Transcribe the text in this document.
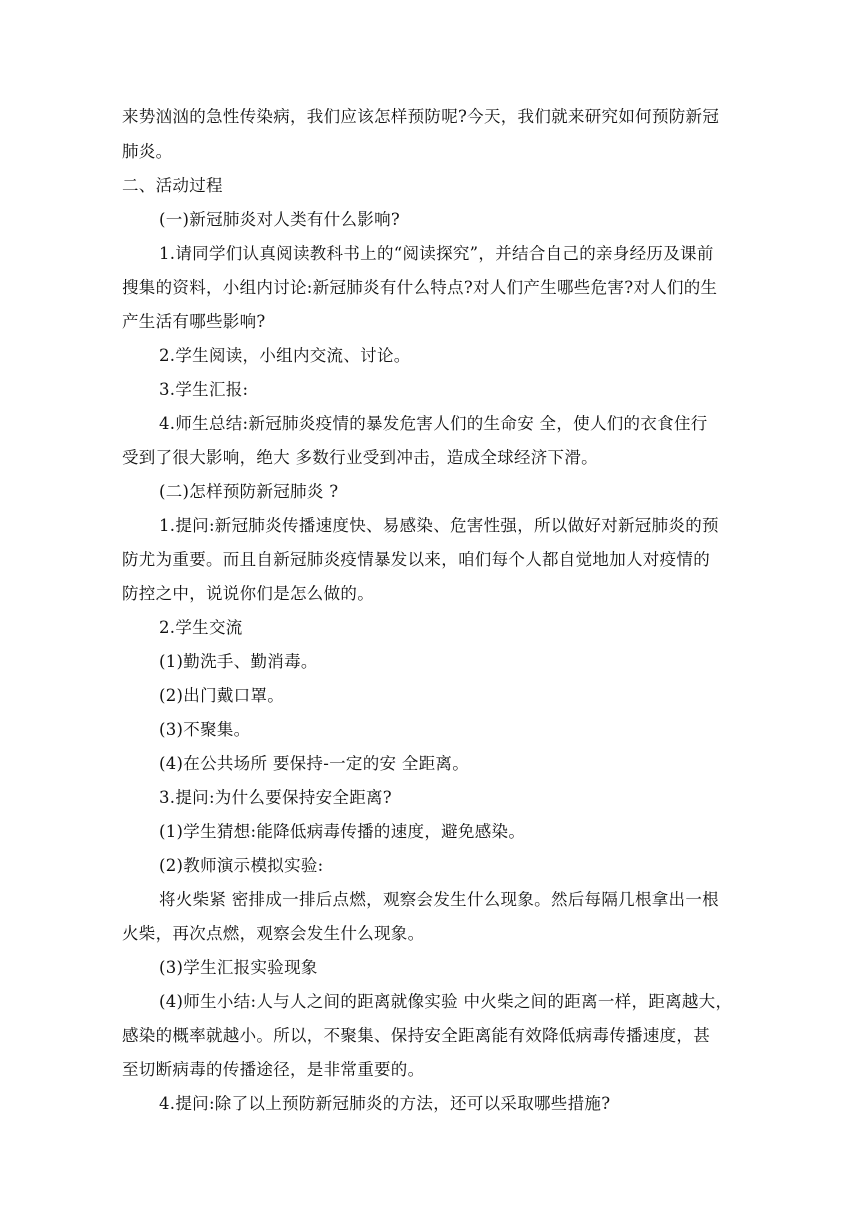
来势汹汹的急性传染病，我们应该怎样预防呢?今天，我们就来研究如何预防新冠
肺炎。
二、活动过程
(一)新冠肺炎对人类有什么影响?
1.请同学们认真阅读教科书上的“阅读探究”，并结合自己的亲身经历及课前
搜集的资料，小组内讨论:新冠肺炎有什么特点?对人们产生哪些危害?对人们的生
产生活有哪些影响?
2.学生阅读，小组内交流、讨论。
3.学生汇报:
4.师生总结:新冠肺炎疫情的暴发危害人们的生命安 全，使人们的衣食住行
受到了很大影响，绝大 多数行业受到冲击，造成全球经济下滑。
(二)怎样预防新冠肺炎 ?
1.提问:新冠肺炎传播速度快、易感染、危害性强，所以做好对新冠肺炎的预
防尤为重要。而且自新冠肺炎疫情暴发以来，咱们每个人都自觉地加人对疫情的
防控之中，说说你们是怎么做的。
2.学生交流
(1)勤洗手、勤消毒。
(2)出门戴口罩。
(3)不聚集。
(4)在公共场所 要保持-一定的安 全距离。
3.提问:为什么要保持安全距离?
(1)学生猜想:能降低病毒传播的速度，避免感染。
(2)教师演示模拟实验:
将火柴紧 密排成一排后点燃，观察会发生什么现象。然后每隔几根拿出一根
火柴，再次点燃，观察会发生什么现象。
(3)学生汇报实验现象
(4)师生小结:人与人之间的距离就像实验 中火柴之间的距离一样，距离越大，
感染的概率就越小。所以，不聚集、保持安全距离能有效降低病毒传播速度，甚
至切断病毒的传播途径，是非常重要的。
4.提问:除了以上预防新冠肺炎的方法，还可以采取哪些措施?
